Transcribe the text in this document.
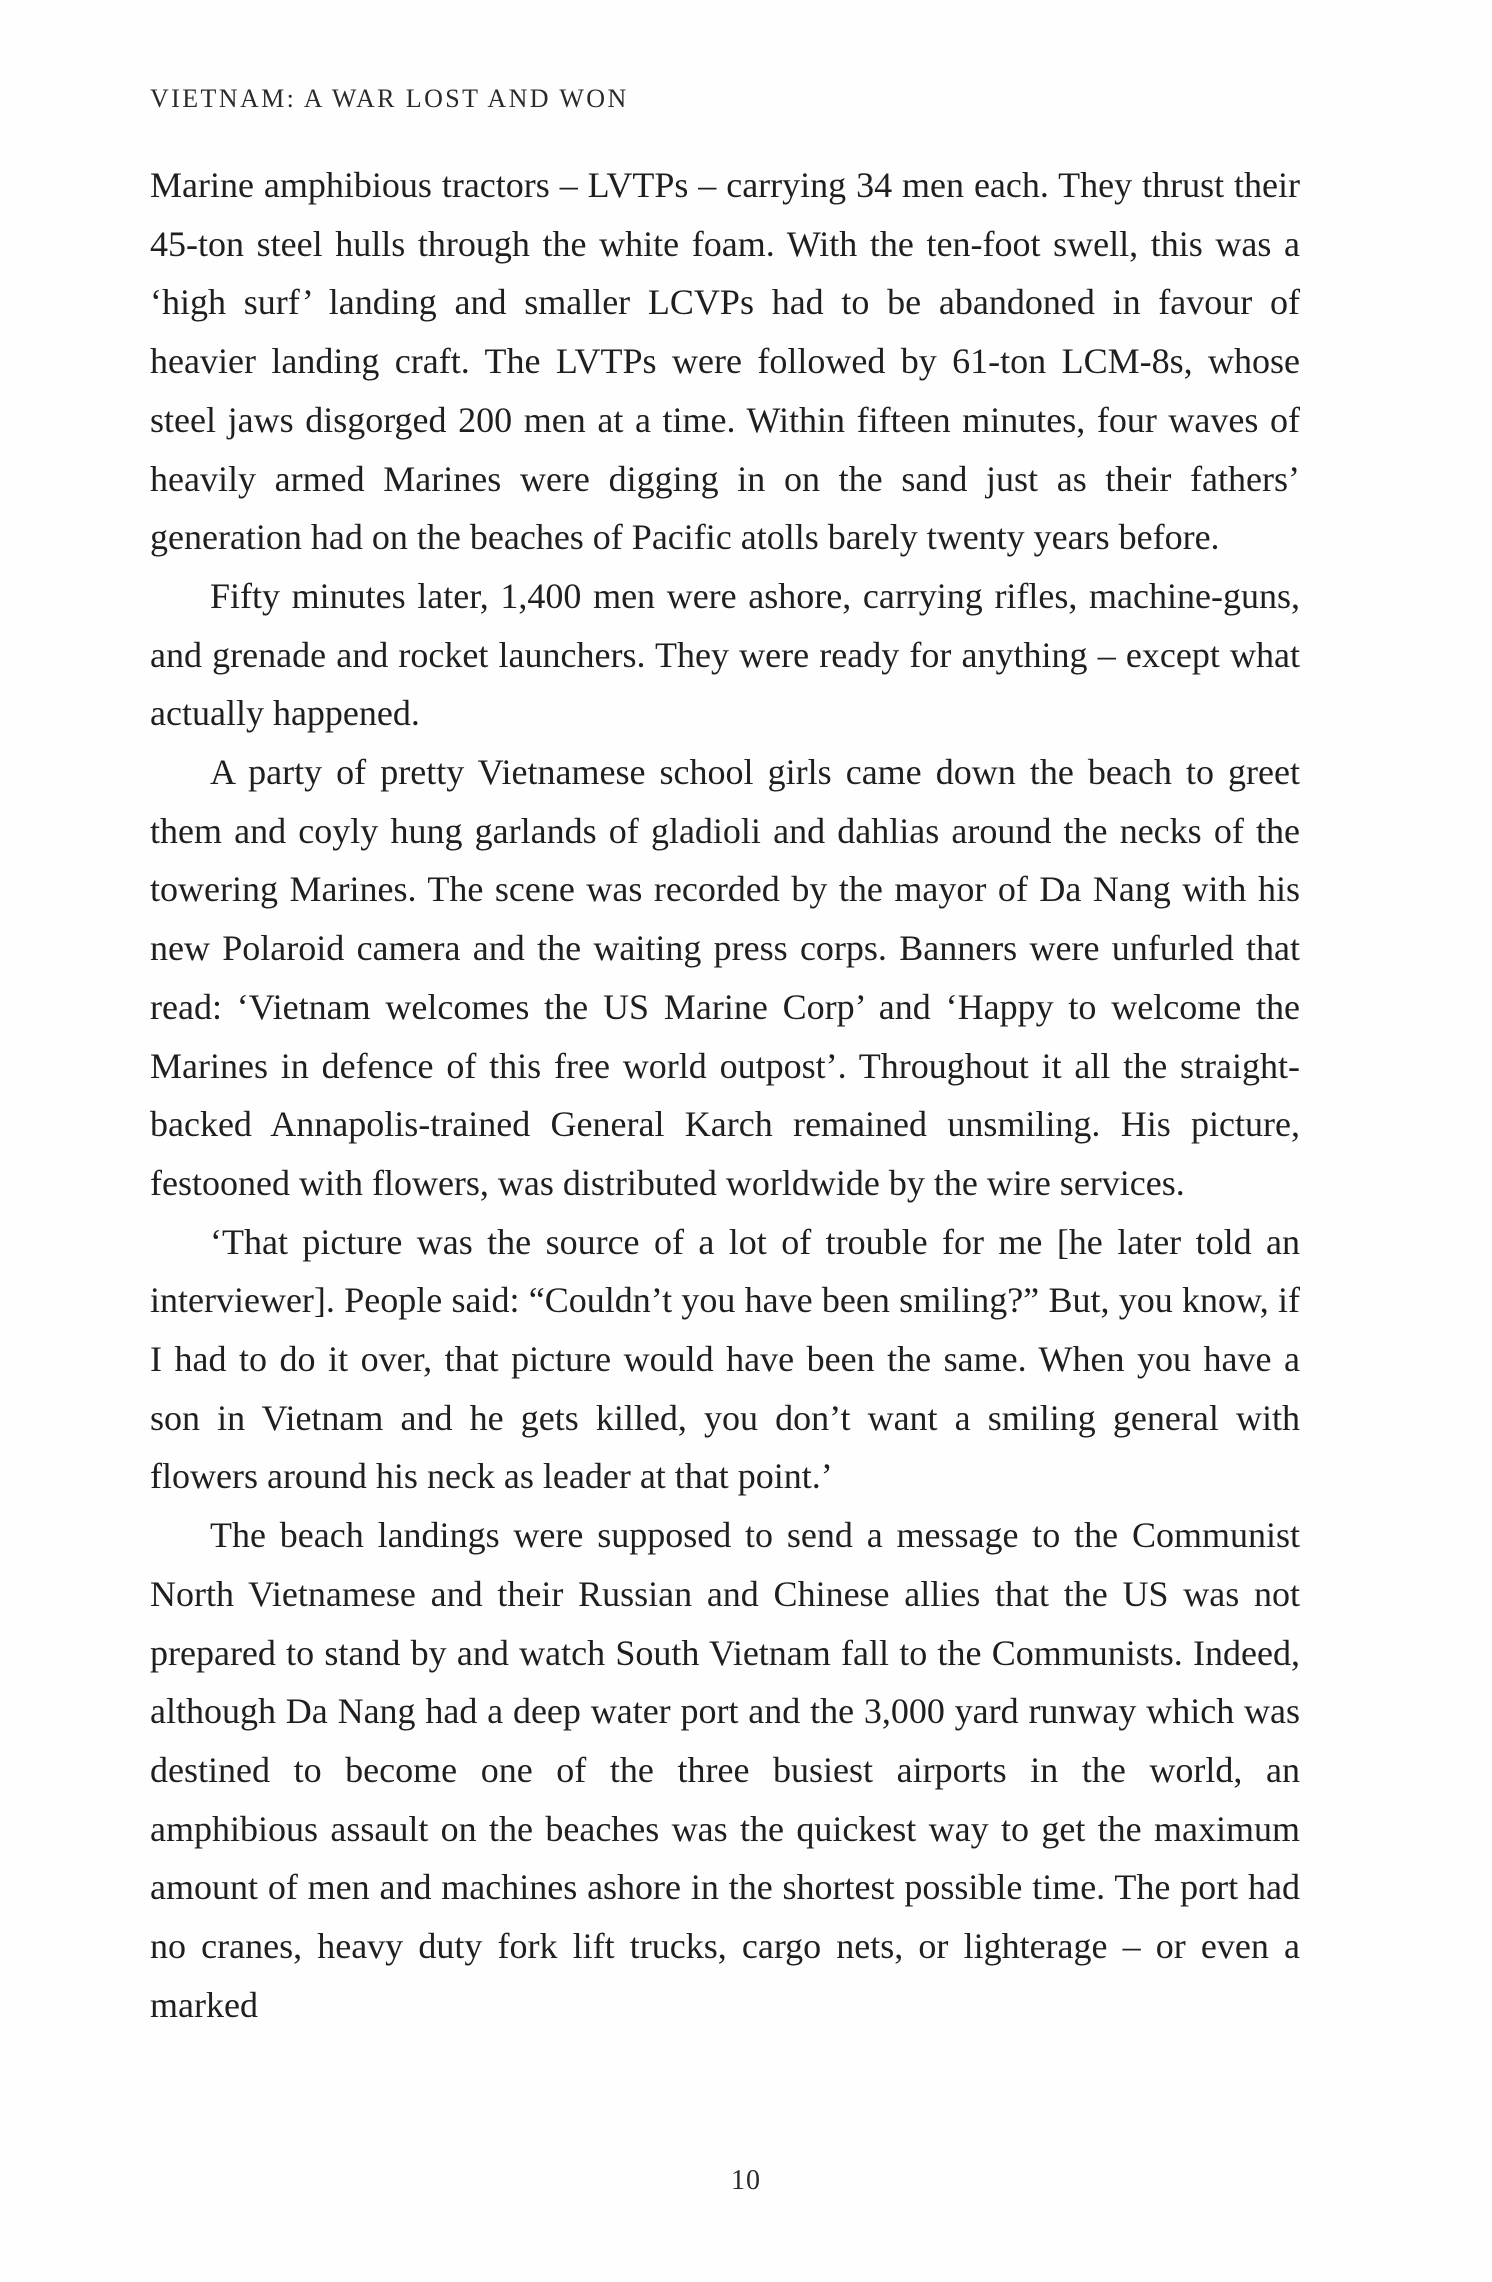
VIETNAM: A WAR LOST AND WON

Marine amphibious tractors – LVTPs – carrying 34 men each. They thrust their 45-ton steel hulls through the white foam. With the ten-foot swell, this was a ‘high surf’ landing and smaller LCVPs had to be abandoned in favour of heavier landing craft. The LVTPs were followed by 61-ton LCM-8s, whose steel jaws disgorged 200 men at a time. Within fifteen minutes, four waves of heavily armed Marines were digging in on the sand just as their fathers’ generation had on the beaches of Pacific atolls barely twenty years before.

Fifty minutes later, 1,400 men were ashore, carrying rifles, machine-guns, and grenade and rocket launchers. They were ready for anything – except what actually happened.

A party of pretty Vietnamese school girls came down the beach to greet them and coyly hung garlands of gladioli and dahlias around the necks of the towering Marines. The scene was recorded by the mayor of Da Nang with his new Polaroid camera and the waiting press corps. Banners were unfurled that read: ‘Vietnam welcomes the US Marine Corp’ and ‘Happy to welcome the Marines in defence of this free world outpost’. Throughout it all the straight-backed Annapolis-trained General Karch remained unsmiling. His picture, festooned with flowers, was distributed worldwide by the wire services.

‘That picture was the source of a lot of trouble for me [he later told an interviewer]. People said: “Couldn’t you have been smiling?” But, you know, if I had to do it over, that picture would have been the same. When you have a son in Vietnam and he gets killed, you don’t want a smiling general with flowers around his neck as leader at that point.’

The beach landings were supposed to send a message to the Communist North Vietnamese and their Russian and Chinese allies that the US was not prepared to stand by and watch South Vietnam fall to the Communists. Indeed, although Da Nang had a deep water port and the 3,000 yard runway which was destined to become one of the three busiest airports in the world, an amphibious assault on the beaches was the quickest way to get the maximum amount of men and machines ashore in the shortest possible time. The port had no cranes, heavy duty fork lift trucks, cargo nets, or lighterage – or even a marked

10
